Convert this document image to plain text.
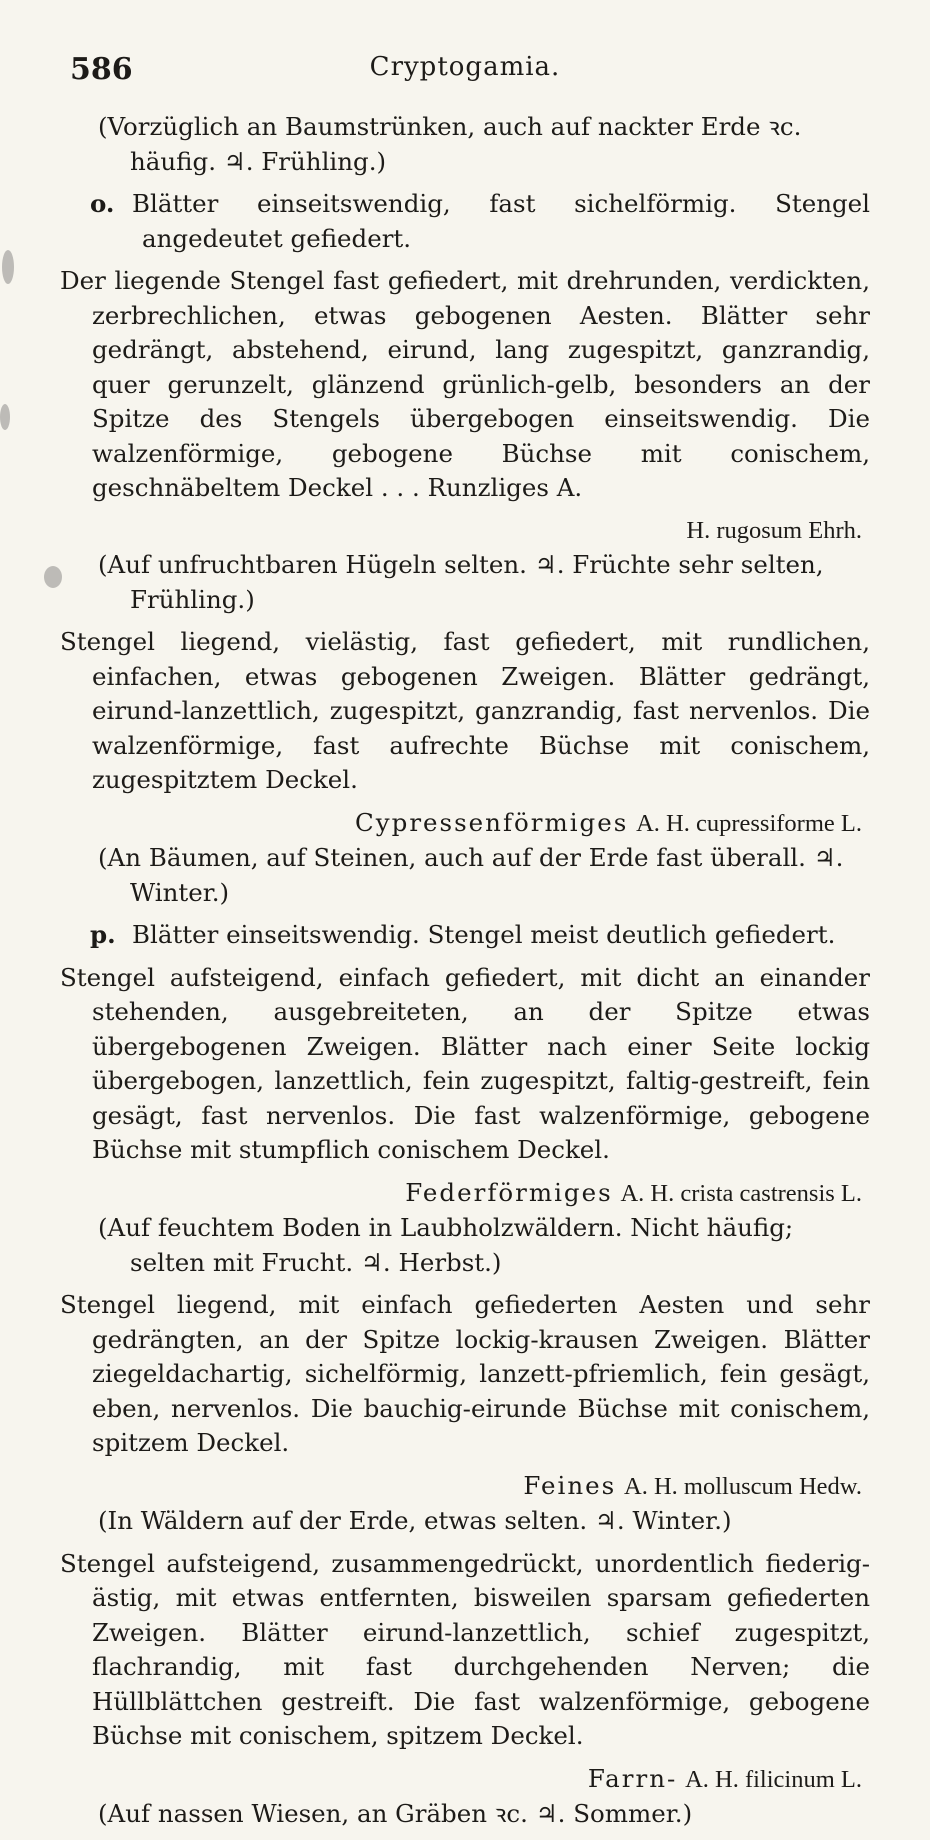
586	Cryptogamia.

(Vorzüglich an Baumstrünken, auch auf nackter Erde ꝛc. häufig. ♃. Frühling.)

o. Blätter einseitswendig, fast sichelförmig. Stengel angedeutet gefiedert.

Der liegende Stengel fast gefiedert, mit drehrunden, verdickten, zerbrechlichen, etwas gebogenen Aesten. Blätter sehr gedrängt, abstehend, eirund, lang zugespitzt, ganzrandig, quer gerunzelt, glänzend grünlich-gelb, besonders an der Spitze des Stengels übergebogen einseitswendig. Die walzenförmige, gebogene Büchse mit conischem, geschnäbeltem Deckel . . . Runzliges A.

H. rugosum Ehrh.

(Auf unfruchtbaren Hügeln selten. ♃. Früchte sehr selten, Frühling.)

Stengel liegend, vielästig, fast gefiedert, mit rundlichen, einfachen, etwas gebogenen Zweigen. Blätter gedrängt, eirund-lanzettlich, zugespitzt, ganzrandig, fast nervenlos. Die walzenförmige, fast aufrechte Büchse mit conischem, zugespitztem Deckel.

Cypressenförmiges A. H. cupressiforme L.

(An Bäumen, auf Steinen, auch auf der Erde fast überall. ♃. Winter.)

p. Blätter einseitswendig. Stengel meist deutlich gefiedert.

Stengel aufsteigend, einfach gefiedert, mit dicht an einander stehenden, ausgebreiteten, an der Spitze etwas übergebogenen Zweigen. Blätter nach einer Seite lockig übergebogen, lanzettlich, fein zugespitzt, faltig-gestreift, fein gesägt, fast nervenlos. Die fast walzenförmige, gebogene Büchse mit stumpflich conischem Deckel.

Federförmiges A. H. crista castrensis L.

(Auf feuchtem Boden in Laubholzwäldern. Nicht häufig; selten mit Frucht. ♃. Herbst.)

Stengel liegend, mit einfach gefiederten Aesten und sehr gedrängten, an der Spitze lockig-krausen Zweigen. Blätter ziegeldachartig, sichelförmig, lanzett-pfriemlich, fein gesägt, eben, nervenlos. Die bauchig-eirunde Büchse mit conischem, spitzem Deckel.

Feines A. H. molluscum Hedw.

(In Wäldern auf der Erde, etwas selten. ♃. Winter.)

Stengel aufsteigend, zusammengedrückt, unordentlich fiederig-ästig, mit etwas entfernten, bisweilen sparsam gefiederten Zweigen. Blätter eirund-lanzettlich, schief zugespitzt, flachrandig, mit fast durchgehenden Nerven; die Hüllblättchen gestreift. Die fast walzenförmige, gebogene Büchse mit conischem, spitzem Deckel.

Farrn- A. H. filicinum L.

(Auf nassen Wiesen, an Gräben ꝛc. ♃. Sommer.)
